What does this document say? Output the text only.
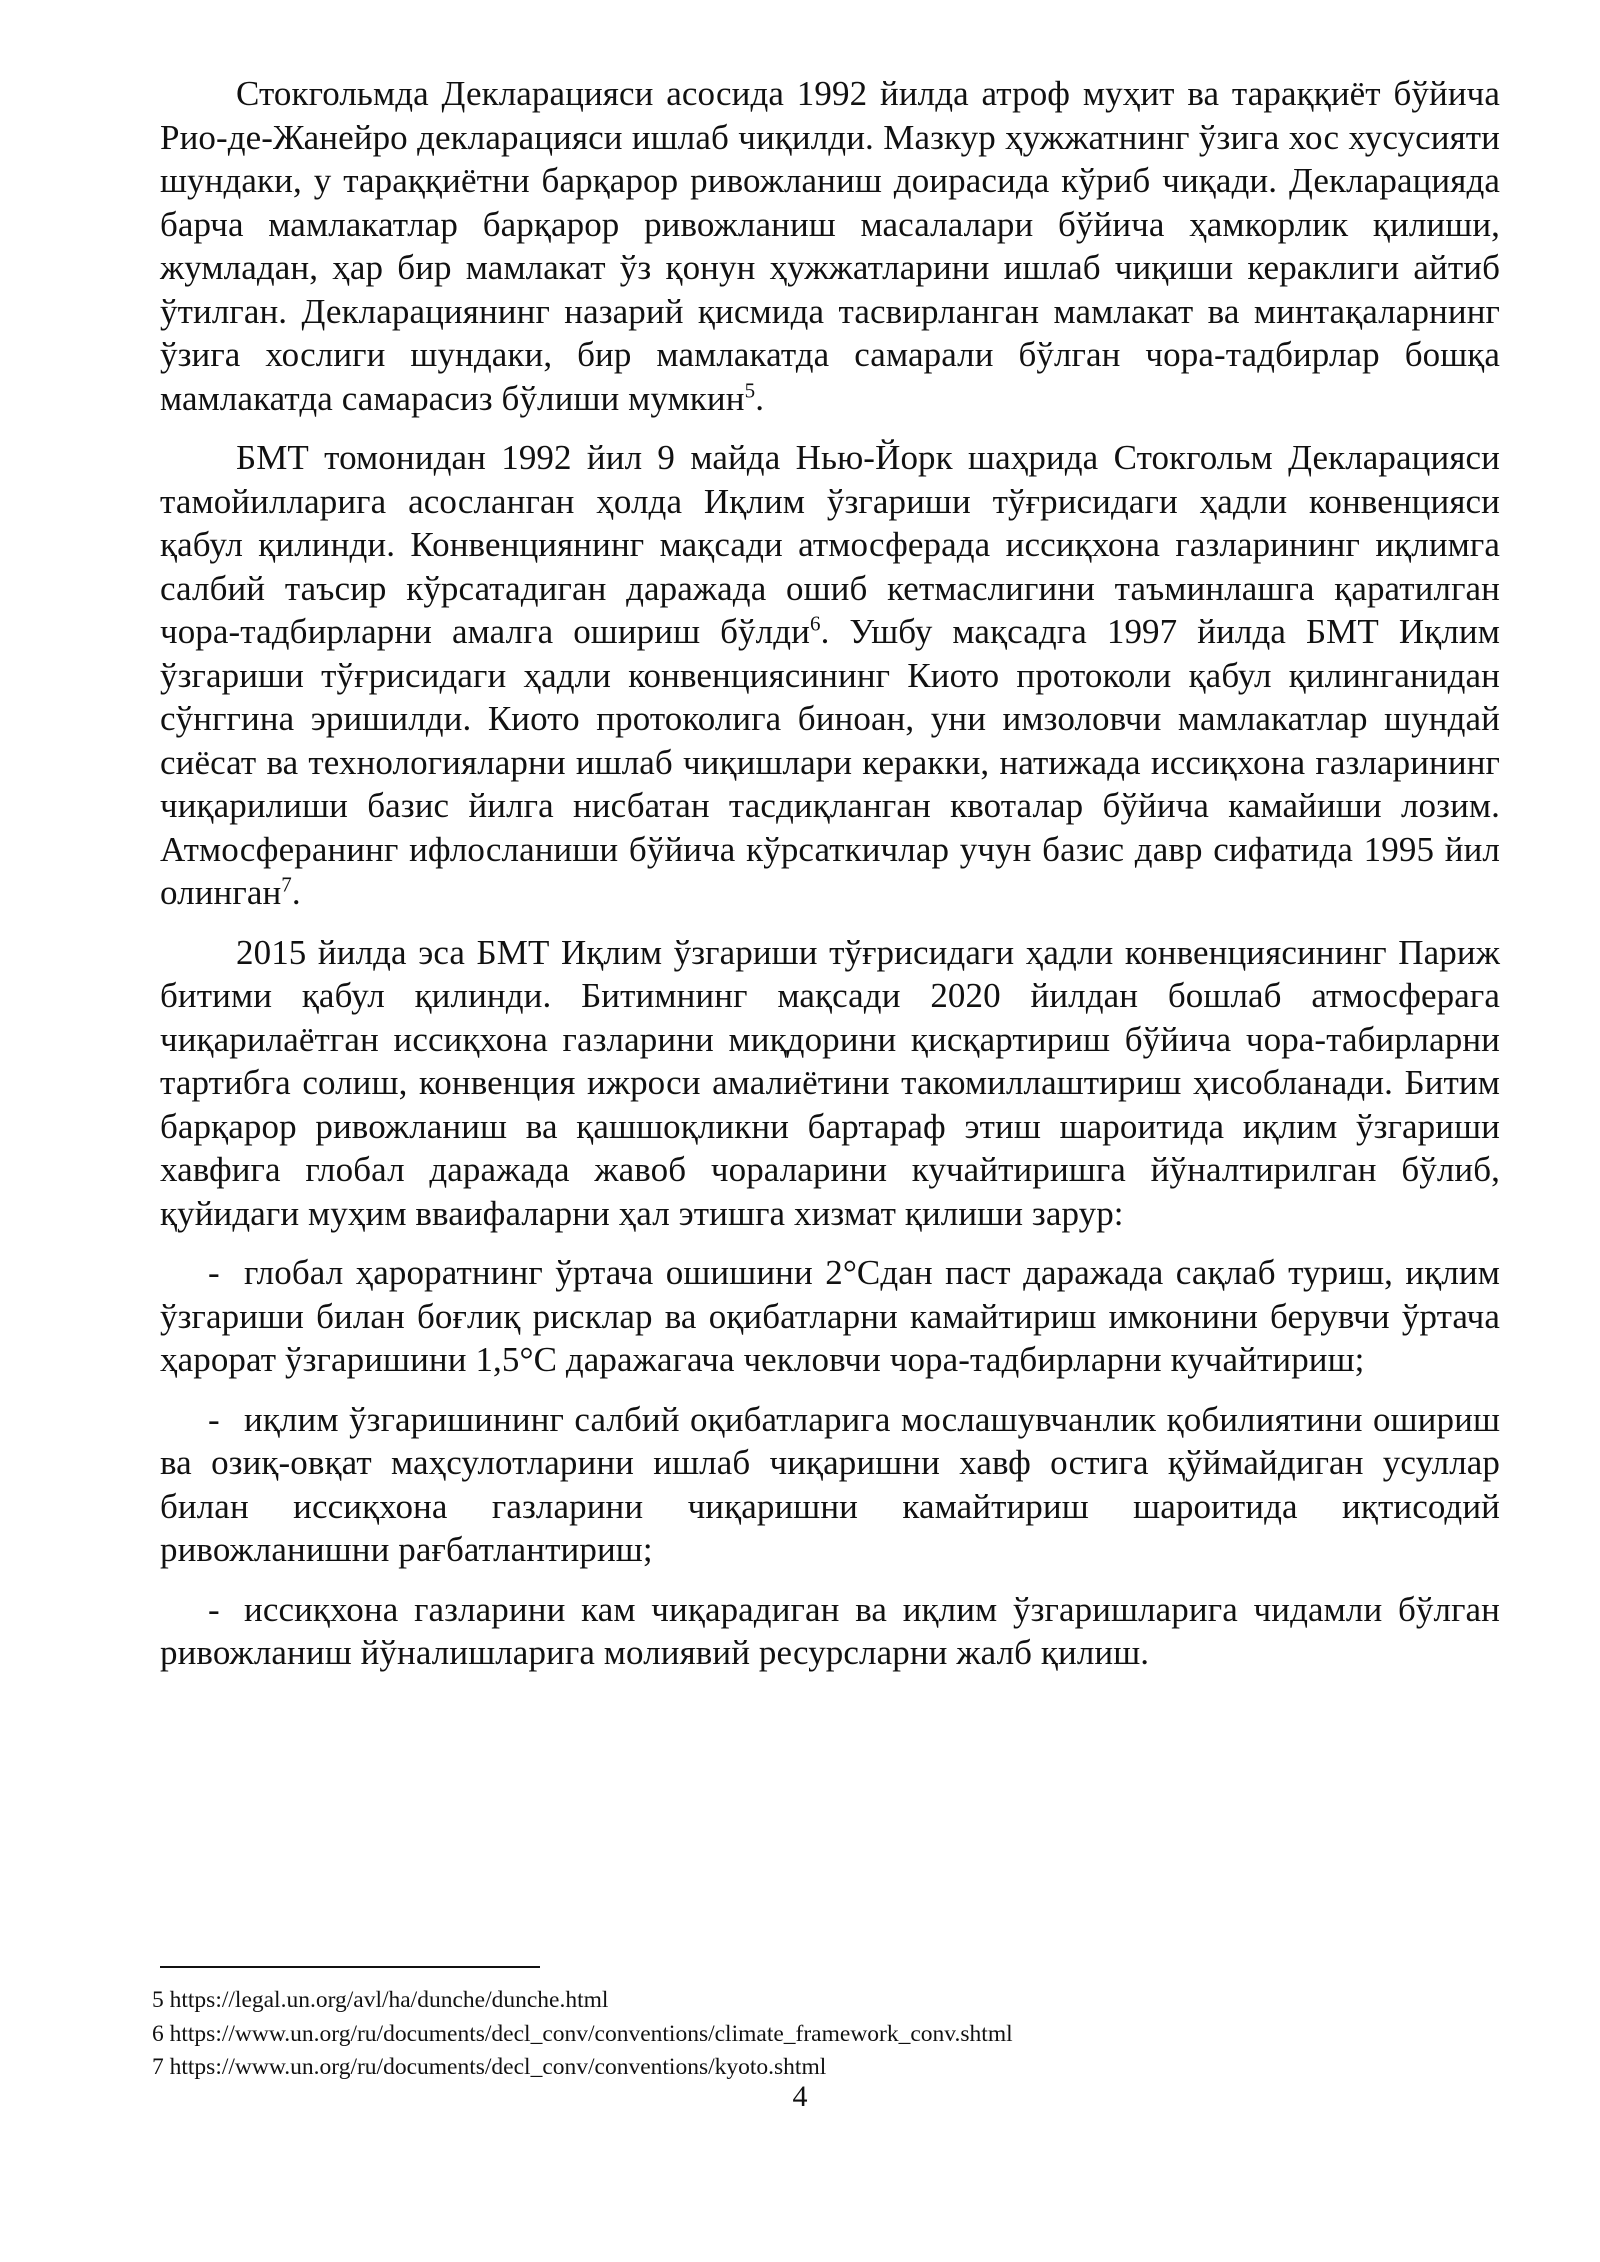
Стокгольмда Декларацияси асосида 1992 йилда атроф муҳит ва тараққиёт бўйича Рио-де-Жанейро декларацияси ишлаб чиқилди. Мазкур ҳужжатнинг ўзига хос хусусияти шундаки, у тараққиётни барқарор ривожланиш доирасида кўриб чиқади. Декларацияда барча мамлакатлар барқарор ривожланиш масалалари бўйича ҳамкорлик қилиши, жумладан, ҳар бир мамлакат ўз қонун ҳужжатларини ишлаб чиқиши кераклиги айтиб ўтилган. Декларациянинг назарий қисмида тасвирланган мамлакат ва минтақаларнинг ўзига хослиги шундаки, бир мамлакатда самарали бўлган чора-тадбирлар бошқа мамлакатда самарасиз бўлиши мумкин$^5$.

БМТ томонидан 1992 йил 9 майда Нью-Йорк шаҳрида Стокгольм Декларацияси тамойилларига асосланган ҳолда Иқлим ўзгариши тўғрисидаги ҳадли конвенцияси қабул қилинди. Конвенциянинг мақсади атмосферада иссиқхона газларининг иқлимга салбий таъсир кўрсатадиган даражада ошиб кетмаслигини таъминлашга қаратилган чора-тадбирларни амалга ошириш бўлди$^6$. Ушбу мақсадга 1997 йилда БМТ Иқлим ўзгариши тўғрисидаги ҳадли конвенциясининг Киото протоколи қабул қилинганидан сўнггина эришилди. Киото протоколига биноан, уни имзоловчи мамлакатлар шундай сиёсат ва технологияларни ишлаб чиқишлари керакки, натижада иссиқхона газларининг чиқарилиши базис йилга нисбатан тасдиқланган квоталар бўйича камайиши лозим. Атмосферанинг ифлосланиши бўйича кўрсаткичлар учун базис давр сифатида 1995 йил олинган$^7$.

2015 йилда эса БМТ Иқлим ўзгариши тўғрисидаги ҳадли конвенциясининг Париж битими қабул қилинди. Битимнинг мақсади 2020 йилдан бошлаб атмосферага чиқарилаётган иссиқхона газларини миқдорини қисқартириш бўйича чора-табирларни тартибга солиш, конвенция ижроси амалиётини такомиллаштириш ҳисобланади. Битим барқарор ривожланиш ва қашшоқликни бартараф этиш шароитида иқлим ўзгариши хавфига глобал даражада жавоб чораларини кучайтиришга йўналтирилган бўлиб, қуйидаги муҳим вваифаларни ҳал этишга хизмат қилиши зарур:

- глобал ҳароратнинг ўртача ошишини 2°Сдан паст даражада сақлаб туриш, иқлим ўзгариши билан боғлиқ рисклар ва оқибатларни камайтириш имконини берувчи ўртача ҳарорат ўзгаришини 1,5°С даражагача чекловчи чора-тадбирларни кучайтириш;

- иқлим ўзгаришининг салбий оқибатларига мослашувчанлик қобилиятини ошириш ва озиқ-овқат маҳсулотларини ишлаб чиқаришни хавф остига қўймайдиган усуллар билан иссиқхона газларини чиқаришни камайтириш шароитида иқтисодий ривожланишни рағбатлантириш;

- иссиқхона газларини кам чиқарадиган ва иқлим ўзгаришларига чидамли бўлган ривожланиш йўналишларига молиявий ресурсларни жалб қилиш.

5 https://legal.un.org/avl/ha/dunche/dunche.html

6 https://www.un.org/ru/documents/decl_conv/conventions/climate_framework_conv.shtml

7 https://www.un.org/ru/documents/decl_conv/conventions/kyoto.shtml

4
